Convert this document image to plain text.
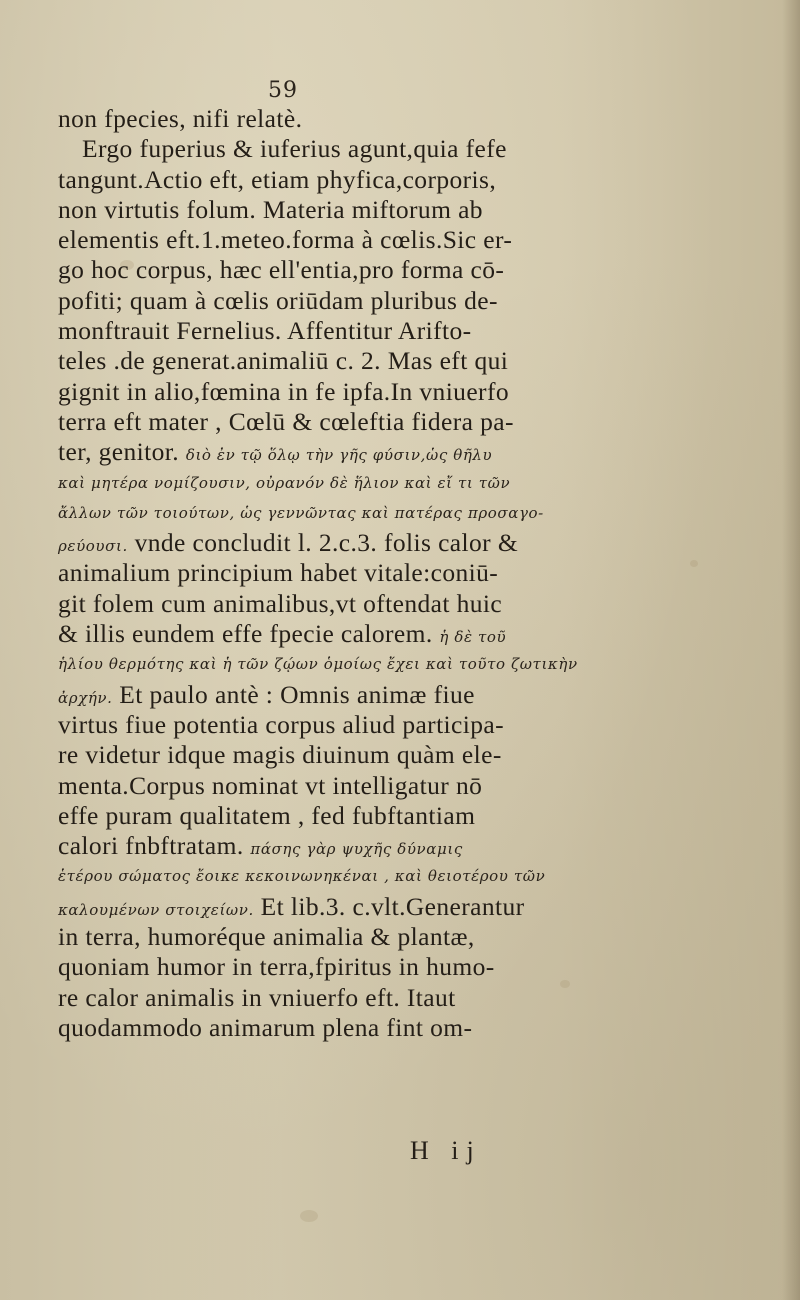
59
non fpecies, nifi relatè.
Ergo fuperius & iuferius agunt,quia fefe
tangunt.Actio eft, etiam phyfica,corporis,
non virtutis folum. Materia miftorum ab
elementis eft.1.meteo.forma à cœlis.Sic er-
go hoc corpus, hæc ell'entia,pro forma cō-
pofiti; quam à cœlis oriūdam pluribus de-
monftrauit Fernelius. Affentitur Arifto-
teles .de generat.animaliū c. 2. Mas eft qui
gignit in alio,fœmina in fe ipfa.In vniuerfo
terra eft mater , Cœlū & cœleftia fidera pa-
ter, genitor. διὸ ἐν τῷ ὅλῳ τὴν γῆς φύσιν,ὡς θῆλυ
καὶ μητέρα νομίζουσιν, οὐρανόν δὲ ἥλιον καὶ εἴ τι τῶν
ἄλλων τῶν τοιούτων, ὡς γεννῶντας καὶ πατέρας προσαγο-
ρεύουσι. vnde concludit l. 2.c.3. folis calor &
animalium principium habet vitale:coniū-
git folem cum animalibus,vt oftendat huic
& illis eundem effe fpecie calorem. ἡ δὲ τοῦ
ἡλίου θερμότης καὶ ἡ τῶν ζῴων ὁμοίως ἔχει καὶ τοῦτο ζωτικὴν
ἀρχήν. Et paulo antè : Omnis animæ fiue
virtus fiue potentia corpus aliud participa-
re videtur idque magis diuinum quàm ele-
menta.Corpus nominat vt intelligatur nō
effe puram qualitatem , fed fubftantiam
calori fnbftratam. πάσης γὰρ ψυχῆς δύναμις
ἑτέρου σώματος ἔοικε κεκοινωνηκέναι , καὶ θειοτέρου τῶν
καλουμένων στοιχείων. Et lib.3. c.vlt.Generantur
in terra, humoréque animalia & plantæ,
quoniam humor in terra,fpiritus in humo-
re calor animalis in vniuerfo eft. Itaut
quodammodo animarum plena fint om-
H ij
